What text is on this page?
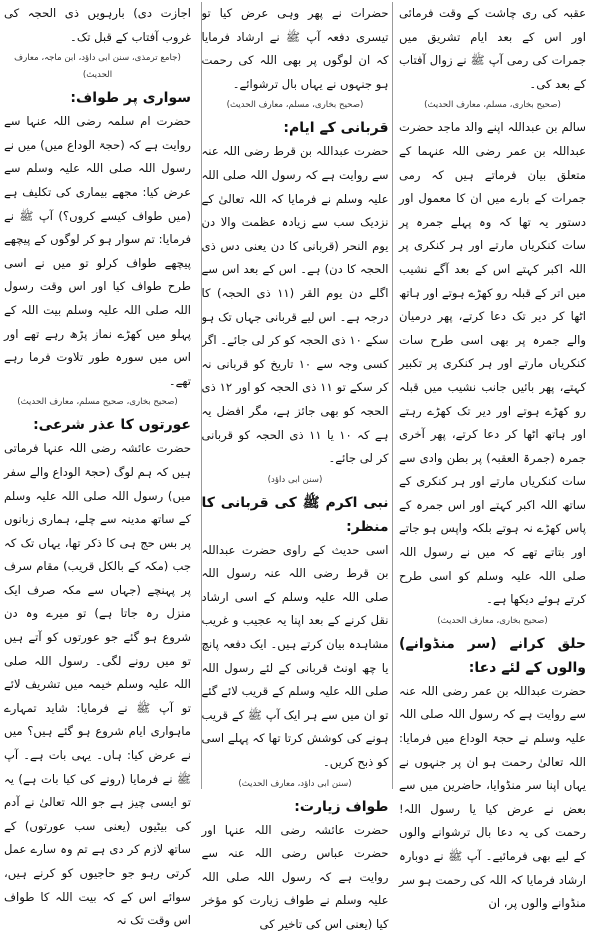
عقبہ کی ری چاشت کے وقت فرمائی اور اس کے بعد ایام تشریق میں جمرات کی رمی آپ ﷺ نے زوال آفتاب کے بعد کی۔

(صحیح بخاری، مسلم، معارف الحدیث)

سالم بن عبداللہ اپنے والد ماجد حضرت عبداللہ بن عمر رضی اللہ عنہما کے متعلق بیان فرماتے ہیں کہ رمی جمرات کے بارے میں ان کا معمول اور دستور یہ تھا کہ وہ پہلے جمرہ پر سات کنکریاں مارتے اور ہر کنکری پر اللہ اکبر کہتے اس کے بعد آگے نشیب میں اتر کے قبلہ رو کھڑے ہوتے اور ہاتھ اٹھا کر دیر تک دعا کرتے، پھر درمیان والے جمرہ پر بھی اسی طرح سات کنکریاں مارتے اور ہر کنکری پر تکبیر کہتے، پھر بائیں جانب نشیب میں قبلہ رو کھڑے ہوتے اور دیر تک کھڑے رہتے اور ہاتھ اٹھا کر دعا کرتے، پھر آخری جمرہ (جمرۃ العقبہ) پر بطن وادی سے سات کنکریاں مارتے اور ہر کنکری کے ساتھ اللہ اکبر کہتے اور اس جمرہ کے پاس کھڑے نہ ہوتے بلکہ واپس ہو جاتے اور بتاتے تھے کہ میں نے رسول اللہ صلی اللہ علیہ وسلم کو اسی طرح کرتے ہوئے دیکھا ہے۔

(صحیح بخاری، معارف الحدیث)

حلق کرانے (سر منڈوانے) والوں کے لئے دعا:

حضرت عبداللہ بن عمر رضی اللہ عنہ سے روایت ہے کہ رسول اللہ صلی اللہ علیہ وسلم نے حجۃ الوداع میں فرمایا: اللہ تعالیٰ رحمت ہو ان پر جنہوں نے یہاں اپنا سر منڈوایا، حاضرین میں سے بعض نے عرض کیا یا رسول اللہ! رحمت کی یہ دعا بال ترشوانے والوں کے لیے بھی فرمائیے۔ آپ ﷺ نے دوبارہ ارشاد فرمایا کہ اللہ کی رحمت ہو سر منڈوانے والوں پر، ان

حضرات نے پھر وہی عرض کیا تو تیسری دفعہ آپ ﷺ نے ارشاد فرمایا کہ ان لوگوں پر بھی اللہ کی رحمت ہو جنہوں نے یہاں بال ترشوائے۔

(صحیح بخاری، مسلم، معارف الحدیث)

قربانی کے ایام:

حضرت عبداللہ بن قرط رضی اللہ عنہ سے روایت ہے کہ رسول اللہ صلی اللہ علیہ وسلم نے فرمایا کہ اللہ تعالیٰ کے نزدیک سب سے زیادہ عظمت والا دن یوم النحر (قربانی کا دن یعنی دس ذی الحجہ کا دن) ہے۔ اس کے بعد اس سے اگلے دن یوم القر (۱۱ ذی الحجہ) کا درجہ ہے۔ اس لیے قربانی جہاں تک ہو سکے ۱۰ ذی الحجہ کو کر لی جائے۔ اگر کسی وجہ سے ۱۰ تاریخ کو قربانی نہ کر سکے تو ۱۱ ذی الحجہ کو اور ۱۲ ذی الحجہ کو بھی جائز ہے، مگر افضل یہ ہے کہ ۱۰ یا ۱۱ ذی الحجہ کو قربانی کر لی جائے۔

(سنن ابی داؤد)

نبی اکرم ﷺ کی قربانی کا منظر:

اسی حدیث کے راوی حضرت عبداللہ بن قرط رضی اللہ عنہ رسول اللہ صلی اللہ علیہ وسلم کے اسی ارشاد نقل کرنے کے بعد اپنا یہ عجیب و غریب مشاہدہ بیان کرتے ہیں۔ ایک دفعہ پانچ یا چھ اونٹ قربانی کے لئے رسول اللہ صلی اللہ علیہ وسلم کے قریب لائے گئے تو ان میں سے ہر ایک آپ ﷺ کے قریب ہونے کی کوشش کرتا تھا کہ پہلے اسی کو ذبح کریں۔

(سنن ابی داؤد، معارف الحدیث)

طواف زیارت:

حضرت عائشہ رضی اللہ عنہا اور حضرت عباس رضی اللہ عنہ سے روایت ہے کہ رسول اللہ صلی اللہ علیہ وسلم نے طواف زیارت کو مؤخر کیا (یعنی اس کی تاخیر کی

اجازت دی) بارہویں ذی الحجہ کی غروب آفتاب کے قبل تک۔

(جامع ترمذی، سنن ابی داؤد، ابن ماجہ، معارف الحدیث)

سواری پر طواف:

حضرت ام سلمہ رضی اللہ عنہا سے روایت ہے کہ (حجۃ الوداع میں) میں نے رسول اللہ صلی اللہ علیہ وسلم سے عرض کیا: مجھے بیماری کی تکلیف ہے (میں طواف کیسے کروں؟) آپ ﷺ نے فرمایا: تم سوار ہو کر لوگوں کے پیچھے پیچھے طواف کرلو تو میں نے اسی طرح طواف کیا اور اس وقت رسول اللہ صلی اللہ علیہ وسلم بیت اللہ کے پہلو میں کھڑے نماز پڑھ رہے تھے اور اس میں سورہ طور تلاوت فرما رہے تھے۔

(صحیح بخاری، صحیح مسلم، معارف الحدیث)

عورتوں کا عذر شرعی:

حضرت عائشہ رضی اللہ عنہا فرماتی ہیں کہ ہم لوگ (حجۃ الوداع والے سفر میں) رسول اللہ صلی اللہ علیہ وسلم کے ساتھ مدینہ سے چلے، ہماری زبانوں پر بس حج ہی کا ذکر تھا، یہاں تک کہ جب (مکہ کے بالکل قریب) مقام سرف پر پہنچے (جہاں سے مکہ صرف ایک منزل رہ جاتا ہے) تو میرے وہ دن شروع ہو گئے جو عورتوں کو آتے ہیں تو میں رونے لگی۔ رسول اللہ صلی اللہ علیہ وسلم خیمہ میں تشریف لائے تو آپ ﷺ نے فرمایا: شاید تمہارے ماہواری ایام شروع ہو گئے ہیں؟ میں نے عرض کیا: ہاں۔ یہی بات ہے۔ آپ ﷺ نے فرمایا (رونے کی کیا بات ہے) یہ تو ایسی چیز ہے جو اللہ تعالیٰ نے آدم کی بیٹیوں (یعنی سب عورتوں) کے ساتھ لازم کر دی ہے تم وہ سارے عمل کرتی رہو جو حاجیوں کو کرنے ہیں، سوائے اس کے کہ بیت اللہ کا طواف اس وقت تک نہ
